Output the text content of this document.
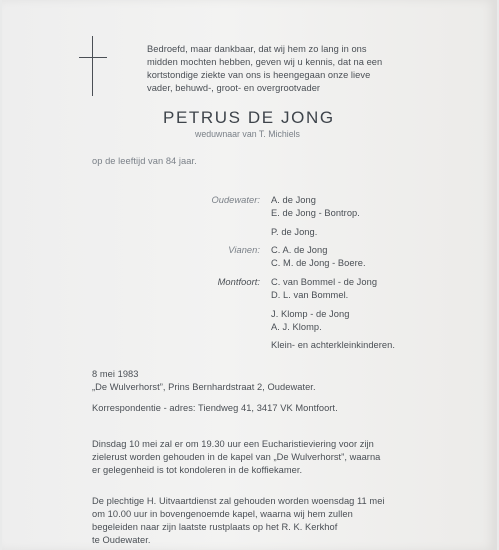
Bedroefd, maar dankbaar, dat wij hem zo lang in ons
midden mochten hebben, geven wij u kennis, dat na een
kortstondige ziekte van ons is heengegaan onze lieve
vader, behuwd-, groot- en overgrootvader
PETRUS DE JONG
weduwnaar van T. Michiels
op de leeftijd van 84 jaar.
Oudewater: A. de Jong
E. de Jong - Bontrop.
P. de Jong.
Vianen: C. A. de Jong
C. M. de Jong - Boere.
Montfoort: C. van Bommel - de Jong
D. L. van Bommel.
J. Klomp - de Jong
A. J. Klomp.
Klein- en achterkleinkinderen.
8 mei 1983
„De Wulverhorst”, Prins Bernhardstraat 2, Oudewater.
Korrespondentie - adres: Tiendweg 41, 3417 VK Montfoort.
Dinsdag 10 mei zal er om 19.30 uur een Eucharistieviering voor zijn
zielerust worden gehouden in de kapel van „De Wulverhorst”, waarna
er gelegenheid is tot kondoleren in de koffiekamer.
De plechtige H. Uitvaartdienst zal gehouden worden woensdag 11 mei
om 10.00 uur in bovengenoemde kapel, waarna wij hem zullen
begeleiden naar zijn laatste rustplaats op het R. K. Kerkhof
te Oudewater.
